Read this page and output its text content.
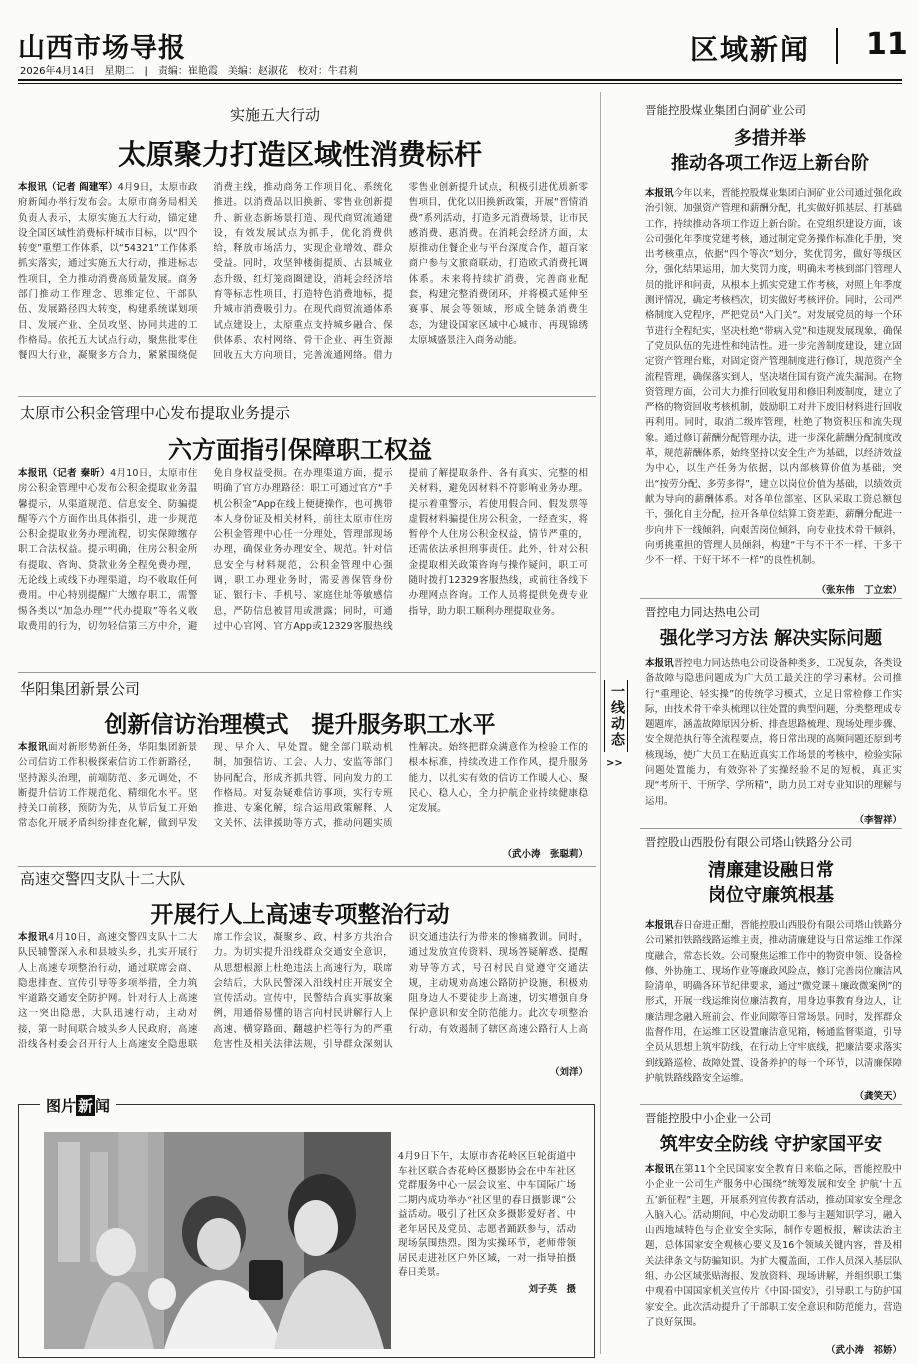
山西市场导报
2026年4月14日　星期二　|　责编：崔艳霞　美编：赵淑花　校对：牛君莉
区域新闻 11
实施五大行动
太原聚力打造区域性消费标杆
本报讯（记者 阎建军）4月9日，太原市政府新闻办举行发布会。太原市商务局相关负责人表示，太原实施五大行动，锚定建设全国区域性消费标杆城市目标，以“四个转变”重塑工作体系，以“54321”工作体系抓实落实，通过实施五大行动，推进标志性项目，全力推动消费高质量发展。商务部门推动工作理念、思维定位、干部队伍、发展路径四大转变，构建系统谋划项目、发展产业、全员攻坚、协同共进的工作格局。依托五大试点行动，聚焦批零住餐四大行业，凝聚多方合力，紧紧围绕促消费主线，推动商务工作项目化、系统化推进。以消费品以旧换新、零售业创新提升、新业态新场景打造、现代商贸流通建设，有效发展试点为抓手，优化消费供给，释放市场活力，实现企业增效、群众受益。同时，攻坚钟楼街提质、古县城业态升级、红灯笼商圈建设，消耗会经济培育等标志性项目，打造特色消费地标，提升城市消费吸引力。在现代商贸流通体系试点建设上，太原重点支持城乡融合、保供体系、农村网络、骨干企业、再生资源回收五大方向项目，完善流通网络。借力零售业创新提升试点，积极引进优质新零售项目，优化以旧换新政策，开展“晋情消费”系列活动，打造多元消费场景，让市民感消费、惠消费。在消耗会经济方面，太原推动住餐企业与平台深度合作，超百家商户参与文旅商联动，打造欧式消费托调体系。未来将持续扩消费，完善商业配套，构建完整消费闭环，并将模式延伸至赛事、展会等领域，形成全链条消费生态，为建设国家区域中心城市、再现锦绣太原城盛景注入商务动能。
太原市公积金管理中心发布提取业务提示
六方面指引保障职工权益
本报讯（记者 秦昕）4月10日，太原市住房公积金管理中心发布公积金提取业务温馨提示，从渠道规范、信息安全、防骗提醒等六个方面作出具体指引，进一步规范公积金提取业务办理流程，切实保障缴存职工合法权益。提示明确，住房公积金所有提取、咨询、贷款业务全程免费办理，无论线上或线下办理渠道，均不收取任何费用。中心特别提醒广大缴存职工，需警惕各类以“加急办理”“代办提取”等名义收取费用的行为，切勿轻信第三方中介，避免自身权益受损。在办理渠道方面，提示明确了官方办理路径：职工可通过官方“手机公积金”App在线上便捷操作，也可携带本人身份证及相关材料，前往太原市住房公积金管理中心任一分理处，管理部现场办理，确保业务办理安全、规范。针对信息安全与材料规范，公积金管理中心强调，职工办理业务时，需妥善保管身份证、银行卡、手机号、家庭住址等敏感信息，严防信息被冒用或泄露；同时，可通过中心官网、官方App或12329客服热线提前了解提取条件、各有真实、完整的相关材料，避免因材料不符影响业务办理。提示着重警示，若使用假合同、假发票等虚假材料骗提住房公积金，一经查实，将暂停个人住房公积金权益，情节严重的，还需依法承担刑事责任。此外，针对公积金提取相关政策咨询与操作疑问，职工可随时拨打12329客服热线，或前往各线下办理网点咨询。工作人员将提供免费专业指导，助力职工顺利办理提取业务。
华阳集团新景公司
创新信访治理模式　提升服务职工水平
本报讯面对新形势新任务，华阳集团新景公司信访工作积极探索信访工作新路径，坚持源头治理，前端防范、多元调处，不断提升信访工作规范化、精细化水平。坚持关口前移，预防为先，从节后复工开始常态化开展矛盾纠纷排查化解，做到早发现、早介入、早处置。健全部门联动机制，加强信访、工会、人力、安监等部门协同配合，形成齐抓共管、同向发力的工作格局。对复杂疑难信访事项，实行专班推进、专案化解，综合运用政策解释、人文关怀、法律援助等方式，推动问题实质性解决。始终把群众满意作为检验工作的根本标准，持续改进工作作风，提升服务能力，以扎实有效的信访工作暖人心、聚民心、稳人心，全力护航企业持续健康稳定发展。
（武小涛　张聪莉）
高速交警四支队十二大队
开展行人上高速专项整治行动
本报讯4月10日，高速交警四支队十二大队民辅警深入永和县坡头乡，扎实开展行人上高速专项整治行动，通过联席会商、隐患排查、宣传引导等多项举措，全力筑牢道路交通安全防护网。针对行人上高速这一突出隐患，大队迅速行动，主动对接，第一时间联合坡头乡人民政府，高速沿线各村委会召开行人上高速安全隐患联席工作会议，凝聚乡、政、村多方共治合力。为切实提升沿线群众交通安全意识，从思想根源上杜绝违法上高速行为，联席会结后，大队民警深入沿线村庄开展安全宣传活动。宣传中，民警结合真实事故案例，用通俗易懂的语言向村民讲解行人上高速、横穿路面、翻越护栏等行为的严重危害性及相关法律法规，引导群众深刻认识交通违法行为带来的惨痛教训。同时，通过发放宣传资料、现场答疑解惑、提醒劝导等方式，号召村民自觉遵守交通法规，主动规劝高速公路防护设施，积极劝阻身边人不要徒步上高速，切实增强自身保护意识和安全防范能力。此次专项整治行动，有效遏制了辖区高速公路行人上高
（刘洋）
图片 新 闻
4月9日下午，太原市杏花岭区巨轮街道中车社区联合杏花岭区摄影协会在中车社区党群服务中心一层会议室、中车国际广场二期内成功举办“社区里的春日摄影课”公益活动。吸引了社区众多摄影爱好者、中老年居民及党员、志愿者踊跃参与，活动现场氛围热烈。图为实操环节，老师带领居民走进社区户外区域，一对一指导拍摄春日美景。
刘子英　摄
一线动态
>>
晋能控股煤业集团白洞矿业公司
多措并举
推动各项工作迈上新台阶
本报讯今年以来，晋能控股煤业集团白洞矿业公司通过强化政治引领、加强资产管理和薪酬分配，扎实做好抓基层、打基础工作，持续推动各项工作迈上新台阶。在党组织建设方面，该公司强化年季度党建考核，通过制定党务操作标准化手册，突出考核重点，依据“四个等次”划分，奖优罚劣，做好等级区分，强化结果运用，加大奖罚力度，明确未考核到部门管理人员的批评和问责，从根本上抓实党建工作考核，对照上年季度测评情况，确定考核档次，切实做好考核评价。同时，公司严格制度入党程序，严把党员“入门关”。对发展党员的每一个环节进行全程纪实，坚决杜绝“带病入党”和违规发展现象，确保了党员队伍的先进性和纯洁性。进一步完善制度建设，建立固定资产管理台账，对固定资产管理制度进行修订，规范资产全流程管理，确保落实到人，坚决堵住国有资产流失漏洞。在物资管理方面，公司大力推行回收复用和修旧利废制度，建立了严格的物资回收考核机制，鼓励职工对井下废旧材料进行回收再利用。同时，取消二级库管理，杜绝了物资积压和流失现象。通过修订薪酬分配管理办法，进一步深化薪酬分配制度改革，规范薪酬体系，始终坚持以安全生产为基础，以经济效益为中心，以生产任务为依据，以内部核算价值为基础，突出“按劳分配、多劳多得”，建立以岗位价值为基础，以绩效贡献为导向的薪酬体系。对各单位部室、区队采取工资总额包干，强化自主分配，拉开各单位结算工资差距，薪酬分配进一步向井下一线倾斜，向艰苦岗位倾斜，向专业技术骨干倾斜，向勇挑重担的管理人员倾斜，构建“干与不干不一样、干多干少不一样、干好干坏不一样”的良性机制。
（张东伟　丁立宏）
晋控电力同达热电公司
强化学习方法 解决实际问题
本报讯晋控电力同达热电公司设备种类多，工况复杂，各类设备故障与隐患问题成为广大员工最关注的学习素材。公司推行“重理论、轻实操”的传统学习模式，立足日常检修工作实际，由技术骨干牵头梳理以往处置的典型问题，分类整理成专题题库，涵盖故障原因分析、排查思路梳理、现场处理步骤、安全规范执行等全流程要点，将日常出现的高频问题还原到考核现场，使广大员工在贴近真实工作场景的考核中，检验实际问题处置能力，有效弥补了实操经验不足的短板，真正实现“考所干、干所学、学所精”，助力员工对专业知识的理解与运用。
（李智祥）
晋控股山西股份有限公司塔山铁路分公司
清廉建设融日常
岗位守廉筑根基
本报讯春日奋进正酣，晋能控股山西股份有限公司塔山铁路分公司紧扣铁路线路运维主责，推动清廉建设与日常运维工作深度融合，常态长效。公司聚焦运维工作中的物资申领、设备检修、外协施工、现场作业等廉政风险点，修订完善岗位廉洁风险清单，明确各环节纪律要求，通过“微党课＋廉政微案例”的形式，开展一线运维岗位廉洁教育，用身边事教育身边人，让廉洁理念融入班前会、作业间隙等日常场景。同时，发挥群众监督作用，在运维工区设置廉洁意见箱，畅通监督渠道，引导全员从思想上筑牢防线，在行动上守牢底线，把廉洁要求落实到线路巡检、故障处置、设备养护的每一个环节，以清廉保障护航铁路线路安全运维。
（龚笑天）
晋能控股中小企业一公司
筑牢安全防线 守护家国平安
本报讯在第11个全民国家安全教育日来临之际，晋能控股中小企业一公司生产服务中心围绕“统筹发展和安全 护航‘十五五’新征程”主题，开展系列宣传教育活动，推动国家安全理念入脑入心。活动期间，中心发动职工参与主题知识学习，融入山西地域特色与企业安全实际，制作专题板报，解读法治主题，总体国家安全观核心要义及16个领域关键内容，普及相关法律条文与防骗知识。为扩大覆盖面，工作人员深入基层队组、办公区域张贴海报、发放资料、现场讲解，并组织职工集中观看中国国家机关宣传片《中国·国安》，引导职工与防护国家安全。此次活动提升了干部职工安全意识和防范能力，营造了良好氛围。
（武小涛　祁娇）
